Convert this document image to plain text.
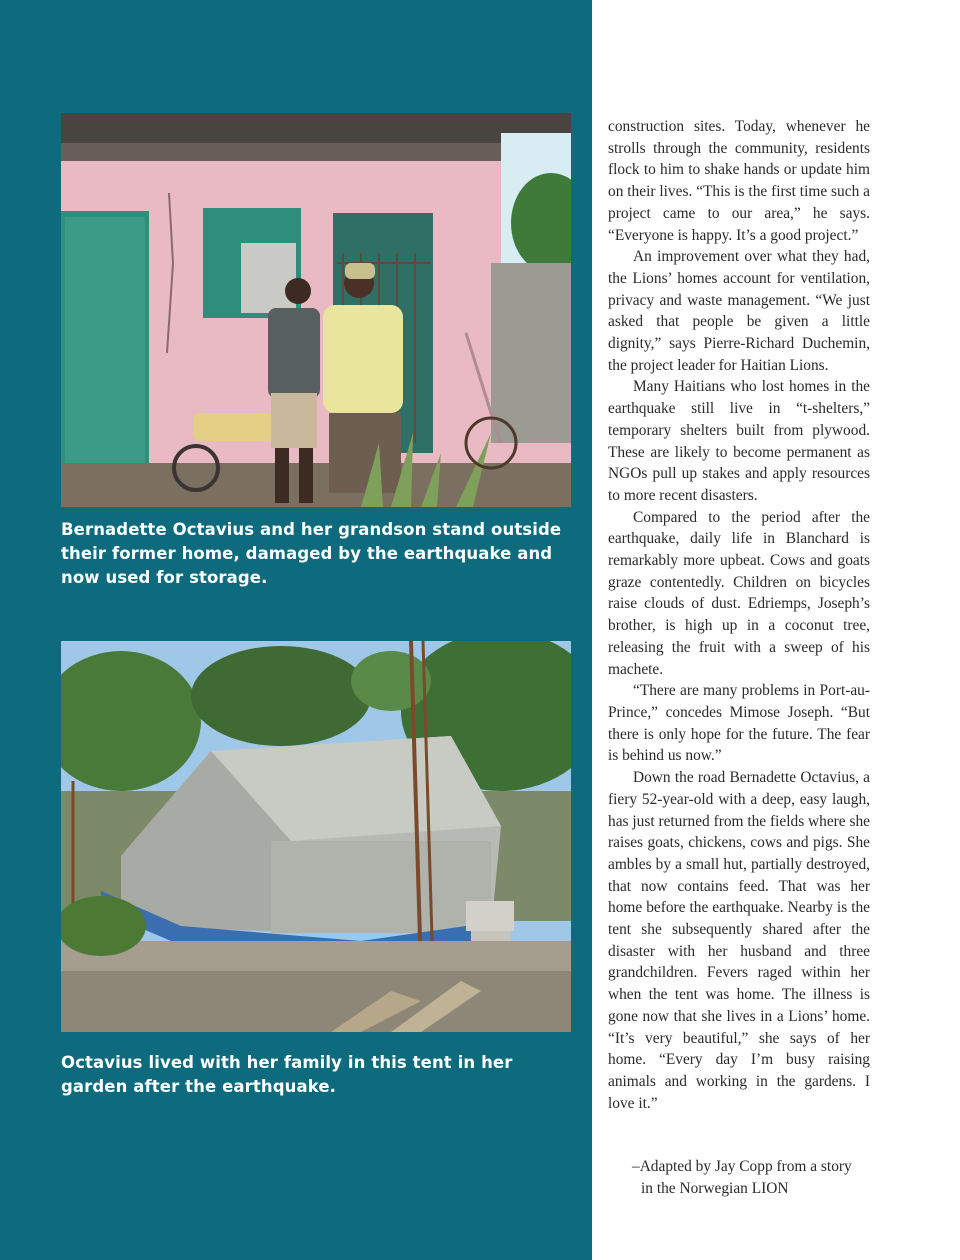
Bernadette Octavius and her grandson stand outside their former home, damaged by the earthquake and now used for storage.

Octavius lived with her family in this tent in her garden after the earthquake.

construction sites. Today, whenever he strolls through the community, residents flock to him to shake hands or update him on their lives. “This is the first time such a project came to our area,” he says. “Everyone is happy. It’s a good project.”

An improvement over what they had, the Lions’ homes account for ventilation, privacy and waste management. “We just asked that people be given a little dignity,” says Pierre-Richard Duchemin, the project leader for Haitian Lions.

Many Haitians who lost homes in the earthquake still live in “t-shelters,” temporary shelters built from plywood. These are likely to become permanent as NGOs pull up stakes and apply resources to more recent disasters.

Compared to the period after the earthquake, daily life in Blanchard is remarkably more upbeat. Cows and goats graze contentedly. Children on bicycles raise clouds of dust. Edriemps, Joseph’s brother, is high up in a coconut tree, releasing the fruit with a sweep of his machete.

“There are many problems in Port-au-Prince,” concedes Mimose Joseph. “But there is only hope for the future. The fear is behind us now.”

Down the road Bernadette Octavius, a fiery 52-year-old with a deep, easy laugh, has just returned from the fields where she raises goats, chickens, cows and pigs. She ambles by a small hut, partially destroyed, that now contains feed. That was her home before the earthquake. Nearby is the tent she subsequently shared after the disaster with her husband and three grandchildren. Fevers raged within her when the tent was home. The illness is gone now that she lives in a Lions’ home. “It’s very beautiful,” she says of her home. “Every day I’m busy raising animals and working in the gardens. I love it.”

–Adapted by Jay Copp from a story
in the Norwegian LION
